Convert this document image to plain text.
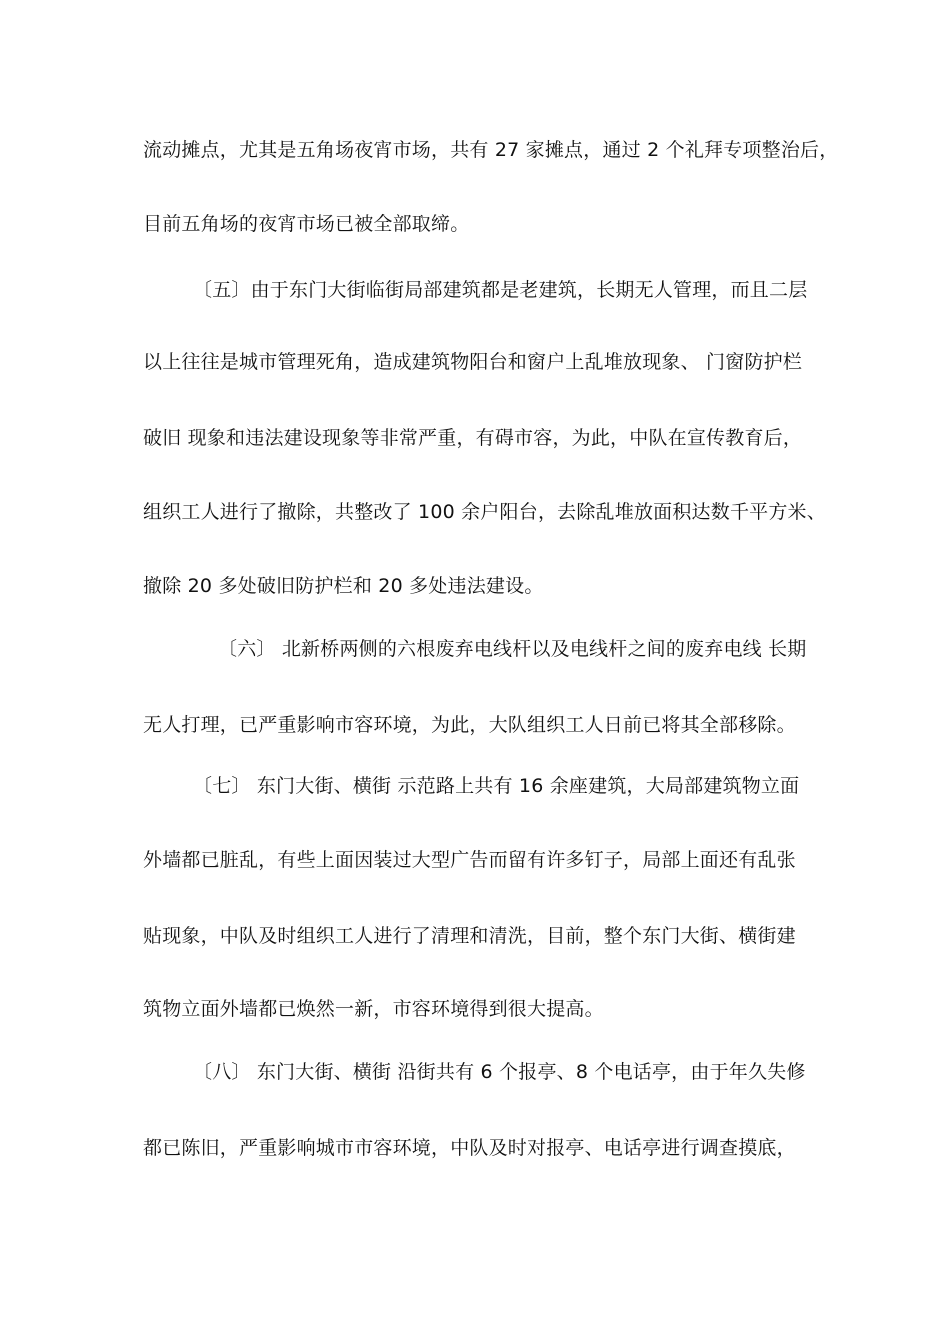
流动摊点，尤其是五角场夜宵市场，共有 27 家摊点，通过 2 个礼拜专项整治后，
目前五角场的夜宵市场已被全部取缔。
〔五〕由于东门大街临街局部建筑都是老建筑，长期无人管理，而且二层
以上往往是城市管理死角，造成建筑物阳台和窗户上乱堆放现象、 门窗防护栏
破旧 现象和违法建设现象等非常严重，有碍市容，为此，中队在宣传教育后，
组织工人进行了撤除，共整改了 100 余户阳台，去除乱堆放面积达数千平方米、
撤除 20 多处破旧防护栏和 20 多处违法建设。
〔六〕 北新桥两侧的六根废弃电线杆以及电线杆之间的废弃电线 长期
无人打理，已严重影响市容环境，为此，大队组织工人日前已将其全部移除。
〔七〕 东门大街、横街 示范路上共有 16 余座建筑，大局部建筑物立面
外墙都已脏乱，有些上面因装过大型广告而留有许多钉子，局部上面还有乱张
贴现象，中队及时组织工人进行了清理和清洗，目前，整个东门大街、横街建
筑物立面外墙都已焕然一新，市容环境得到很大提高。
〔八〕 东门大街、横街 沿街共有 6 个报亭、8 个电话亭，由于年久失修
都已陈旧，严重影响城市市容环境，中队及时对报亭、电话亭进行调查摸底，
